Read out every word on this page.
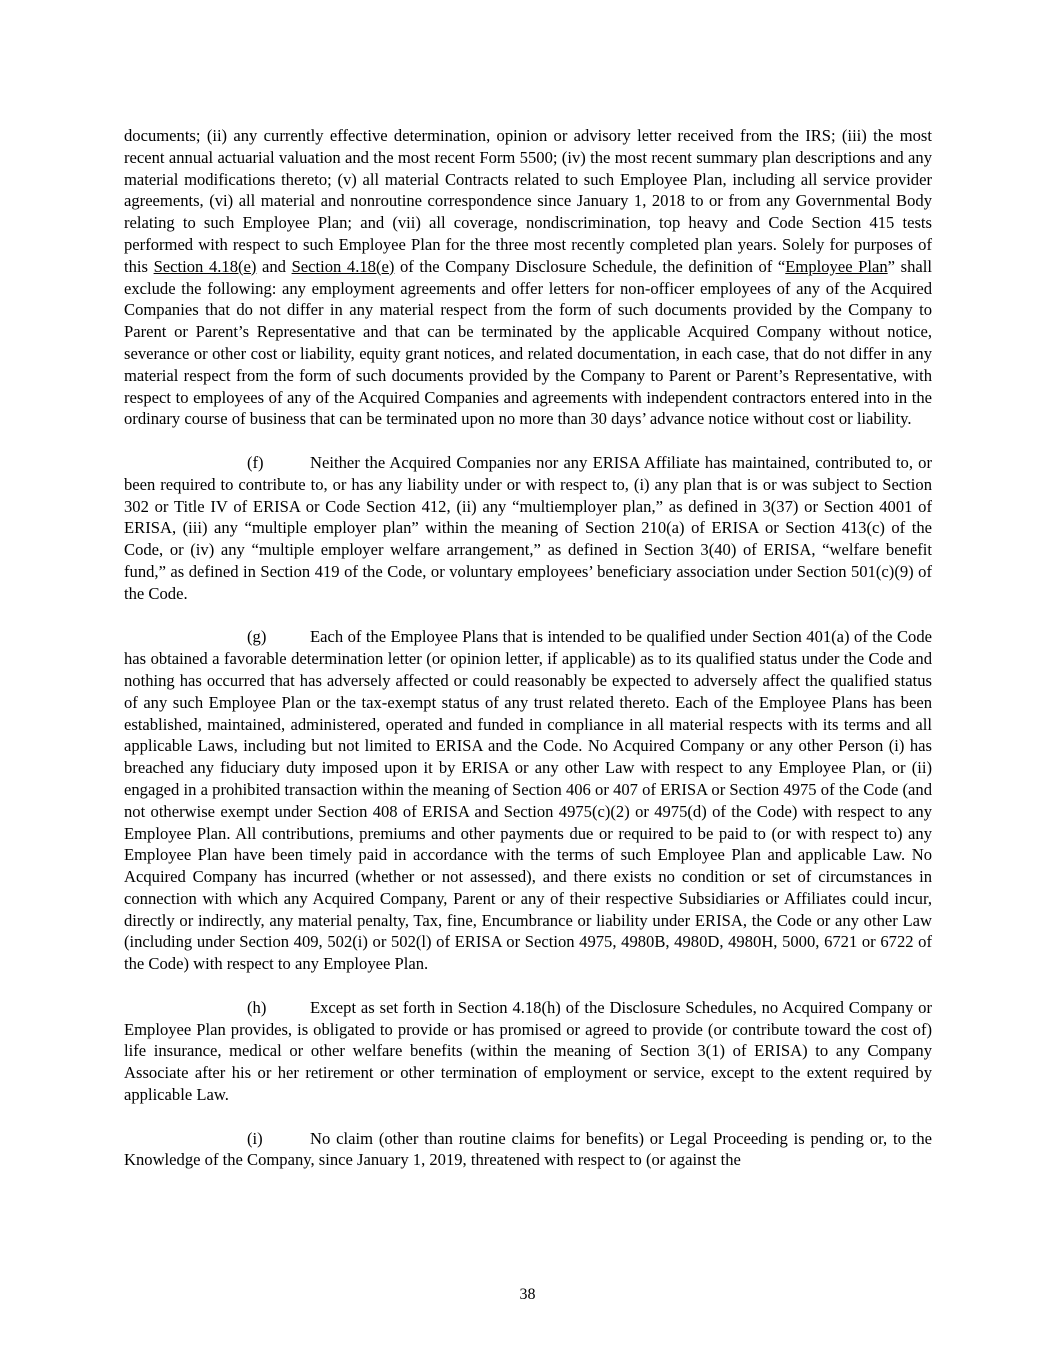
documents; (ii) any currently effective determination, opinion or advisory letter received from the IRS; (iii) the most recent annual actuarial valuation and the most recent Form 5500; (iv) the most recent summary plan descriptions and any material modifications thereto; (v) all material Contracts related to such Employee Plan, including all service provider agreements, (vi) all material and nonroutine correspondence since January 1, 2018 to or from any Governmental Body relating to such Employee Plan; and (vii) all coverage, nondiscrimination, top heavy and Code Section 415 tests performed with respect to such Employee Plan for the three most recently completed plan years. Solely for purposes of this Section 4.18(e) and Section 4.18(e) of the Company Disclosure Schedule, the definition of “Employee Plan” shall exclude the following: any employment agreements and offer letters for non-officer employees of any of the Acquired Companies that do not differ in any material respect from the form of such documents provided by the Company to Parent or Parent’s Representative and that can be terminated by the applicable Acquired Company without notice, severance or other cost or liability, equity grant notices, and related documentation, in each case, that do not differ in any material respect from the form of such documents provided by the Company to Parent or Parent’s Representative, with respect to employees of any of the Acquired Companies and agreements with independent contractors entered into in the ordinary course of business that can be terminated upon no more than 30 days’ advance notice without cost or liability.

(f)	Neither the Acquired Companies nor any ERISA Affiliate has maintained, contributed to, or been required to contribute to, or has any liability under or with respect to, (i) any plan that is or was subject to Section 302 or Title IV of ERISA or Code Section 412, (ii) any “multiemployer plan,” as defined in 3(37) or Section 4001 of ERISA, (iii) any “multiple employer plan” within the meaning of Section 210(a) of ERISA or Section 413(c) of the Code, or (iv) any “multiple employer welfare arrangement,” as defined in Section 3(40) of ERISA, “welfare benefit fund,” as defined in Section 419 of the Code, or voluntary employees’ beneficiary association under Section 501(c)(9) of the Code.

(g)	Each of the Employee Plans that is intended to be qualified under Section 401(a) of the Code has obtained a favorable determination letter (or opinion letter, if applicable) as to its qualified status under the Code and nothing has occurred that has adversely affected or could reasonably be expected to adversely affect the qualified status of any such Employee Plan or the tax-exempt status of any trust related thereto. Each of the Employee Plans has been established, maintained, administered, operated and funded in compliance in all material respects with its terms and all applicable Laws, including but not limited to ERISA and the Code. No Acquired Company or any other Person (i) has breached any fiduciary duty imposed upon it by ERISA or any other Law with respect to any Employee Plan, or (ii) engaged in a prohibited transaction within the meaning of Section 406 or 407 of ERISA or Section 4975 of the Code (and not otherwise exempt under Section 408 of ERISA and Section 4975(c)(2) or 4975(d) of the Code) with respect to any Employee Plan. All contributions, premiums and other payments due or required to be paid to (or with respect to) any Employee Plan have been timely paid in accordance with the terms of such Employee Plan and applicable Law. No Acquired Company has incurred (whether or not assessed), and there exists no condition or set of circumstances in connection with which any Acquired Company, Parent or any of their respective Subsidiaries or Affiliates could incur, directly or indirectly, any material penalty, Tax, fine, Encumbrance or liability under ERISA, the Code or any other Law (including under Section 409, 502(i) or 502(l) of ERISA or Section 4975, 4980B, 4980D, 4980H, 5000, 6721 or 6722 of the Code) with respect to any Employee Plan.

(h)	Except as set forth in Section 4.18(h) of the Disclosure Schedules, no Acquired Company or Employee Plan provides, is obligated to provide or has promised or agreed to provide (or contribute toward the cost of) life insurance, medical or other welfare benefits (within the meaning of Section 3(1) of ERISA) to any Company Associate after his or her retirement or other termination of employment or service, except to the extent required by applicable Law.

(i)	No claim (other than routine claims for benefits) or Legal Proceeding is pending or, to the Knowledge of the Company, since January 1, 2019, threatened with respect to (or against the

38
